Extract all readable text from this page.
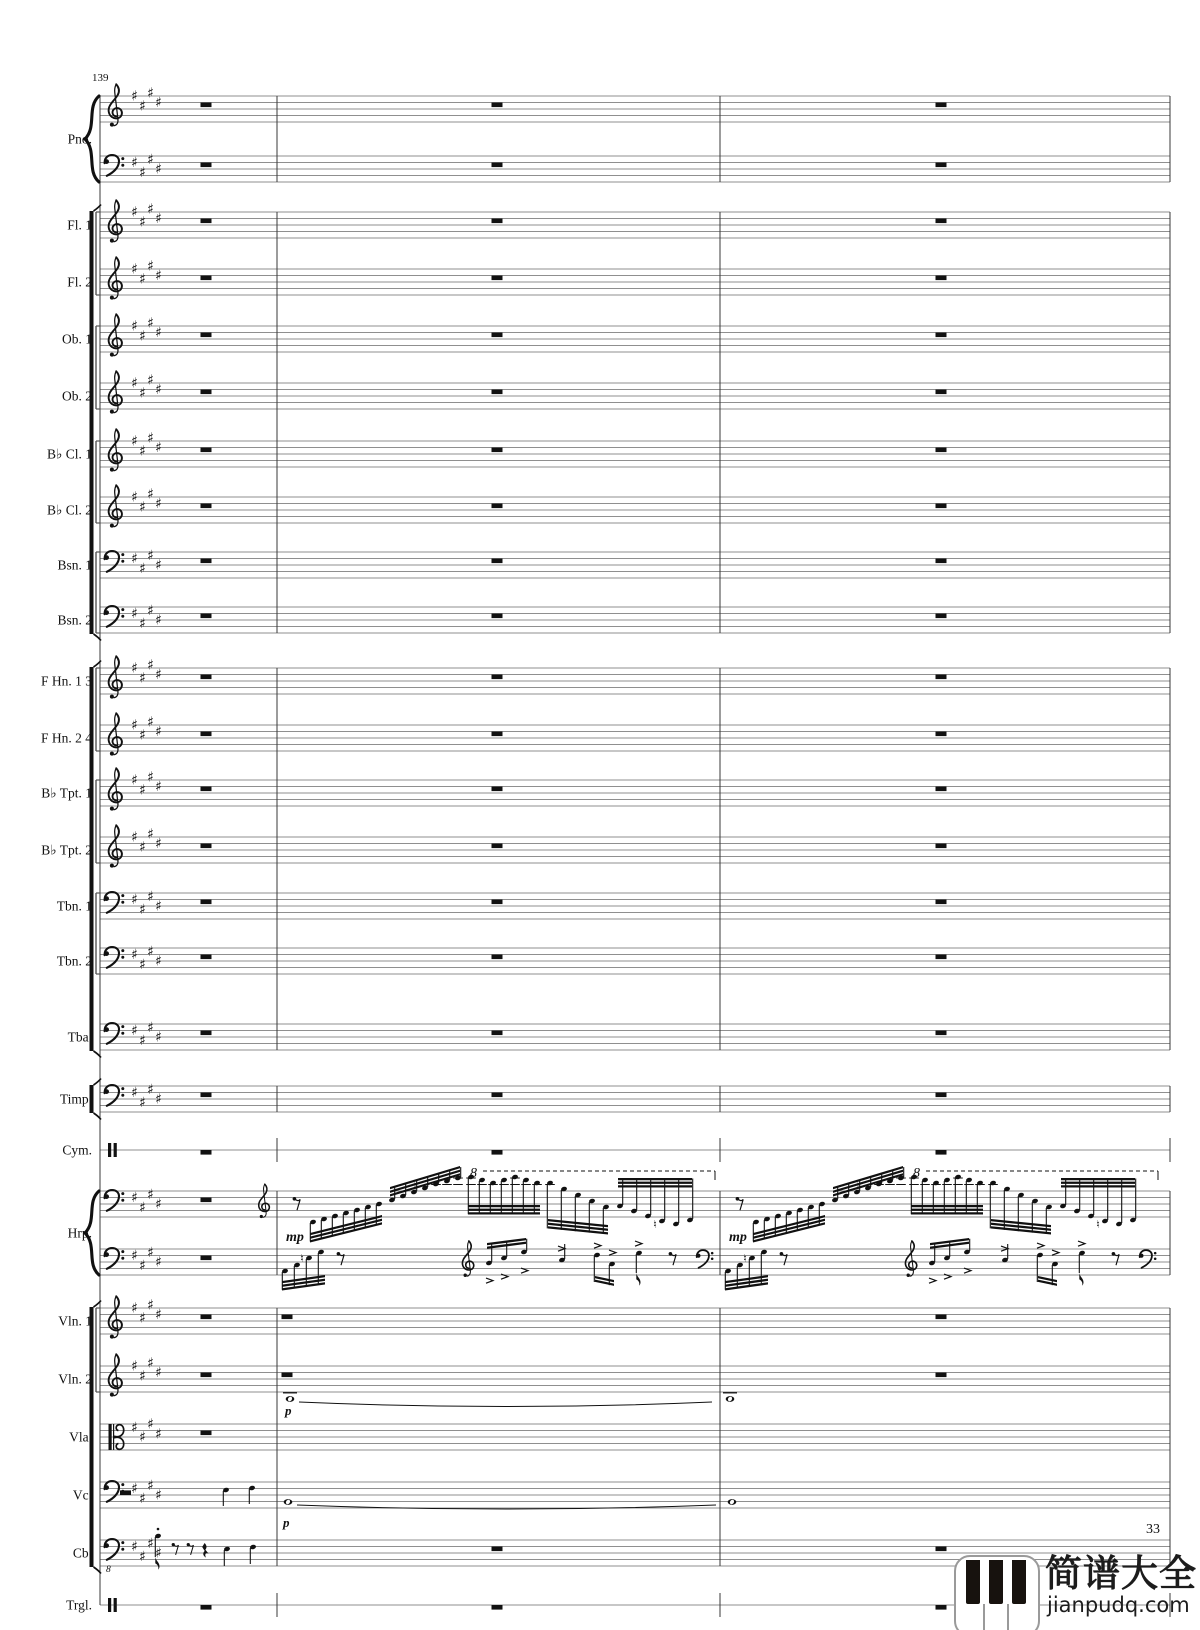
Pno.
Fl. 1
Fl. 2
Ob. 1
Ob. 2
B♭ Cl. 1
B♭ Cl. 2
Bsn. 1
Bsn. 2
F Hn. 1 3
F Hn. 2 4
B♭ Tpt. 1
B♭ Tpt. 2
Tbn. 1
Tbn. 2
Tba.
Timp.
Cym.
Hrp.
Vln. 1
Vln. 2
Vla.
Vc.
Cb.
Trgl.
♯
♯
♯
♯
♯
♯
♯
♯
♯
♯
♯
♯
♯
♯
♯
♯
♯
♯
♯
♯
♯
♯
♯
♯
♯
♯
♯
♯
♯
♯
♯
♯
♯
♯
♯
♯
♯
♯
♯
♯
♯
♯
♯
♯
♯
♯
♯
♯
♯
♯
♯
♯
♯
♯
♯
♯
♯
♯
♯
♯
♯
♯
♯
♯
♯
♯
♯
♯
♯
♯
♯
♯
♯
♯
♯
♯
♯
♯
♯
♯
♯
♯
♯
♯
♯
♯
♯
♯
♯
♯
♯
♯
♯
♯
♯
♯
♯
♯
♯
♯
8
mp
♮
♮
8
mp
♮
♮
8
♮	♮
p
p
139
33
简谱大全
jianpudq.com
